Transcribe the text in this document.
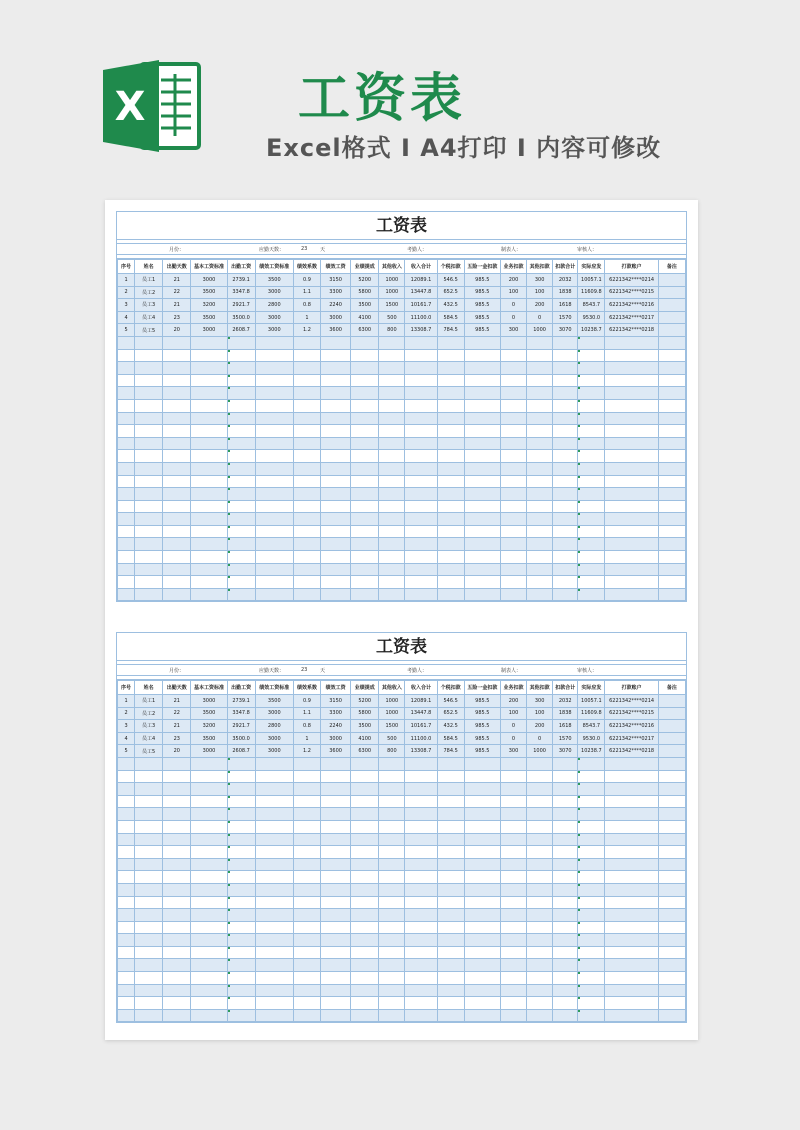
X	工资表
Excel格式 I A4打印 I 内容可修改
工资表
月份：	应勤天数：	23	天	考勤人：	制表人：	审核人：
序号	姓名	出勤天数	基本工资标准	出勤工资	绩效工资标准	绩效系数	绩效工资	业绩提成	其他收入	收入合计	个税扣款	五险一金扣款	业务扣款	其他扣款	扣款合计	实际应发	打款账户	备注
1	员工1	21	3000	2739.1	3500	0.9	3150	5200	1000	12089.1	546.5	985.5	200	300	2032	10057.1	6221342****0214	
2	员工2	22	3500	3347.8	3000	1.1	3300	5800	1000	13447.8	652.5	985.5	100	100	1838	11609.8	6221342****0215	
3	员工3	21	3200	2921.7	2800	0.8	2240	3500	1500	10161.7	432.5	985.5	0	200	1618	8543.7	6221342****0216	
4	员工4	23	3500	3500.0	3000	1	3000	4100	500	11100.0	584.5	985.5	0	0	1570	9530.0	6221342****0217	
5	员工5	20	3000	2608.7	3000	1.2	3600	6300	800	13308.7	784.5	985.5	300	1000	3070	10238.7	6221342****0218	

工资表
月份：	应勤天数：	23	天	考勤人：	制表人：	审核人：
序号	姓名	出勤天数	基本工资标准	出勤工资	绩效工资标准	绩效系数	绩效工资	业绩提成	其他收入	收入合计	个税扣款	五险一金扣款	业务扣款	其他扣款	扣款合计	实际应发	打款账户	备注
1	员工1	21	3000	2739.1	3500	0.9	3150	5200	1000	12089.1	546.5	985.5	200	300	2032	10057.1	6221342****0214	
2	员工2	22	3500	3347.8	3000	1.1	3300	5800	1000	13447.8	652.5	985.5	100	100	1838	11609.8	6221342****0215	
3	员工3	21	3200	2921.7	2800	0.8	2240	3500	1500	10161.7	432.5	985.5	0	200	1618	8543.7	6221342****0216	
4	员工4	23	3500	3500.0	3000	1	3000	4100	500	11100.0	584.5	985.5	0	0	1570	9530.0	6221342****0217	
5	员工5	20	3000	2608.7	3000	1.2	3600	6300	800	13308.7	784.5	985.5	300	1000	3070	10238.7	6221342****0218	
